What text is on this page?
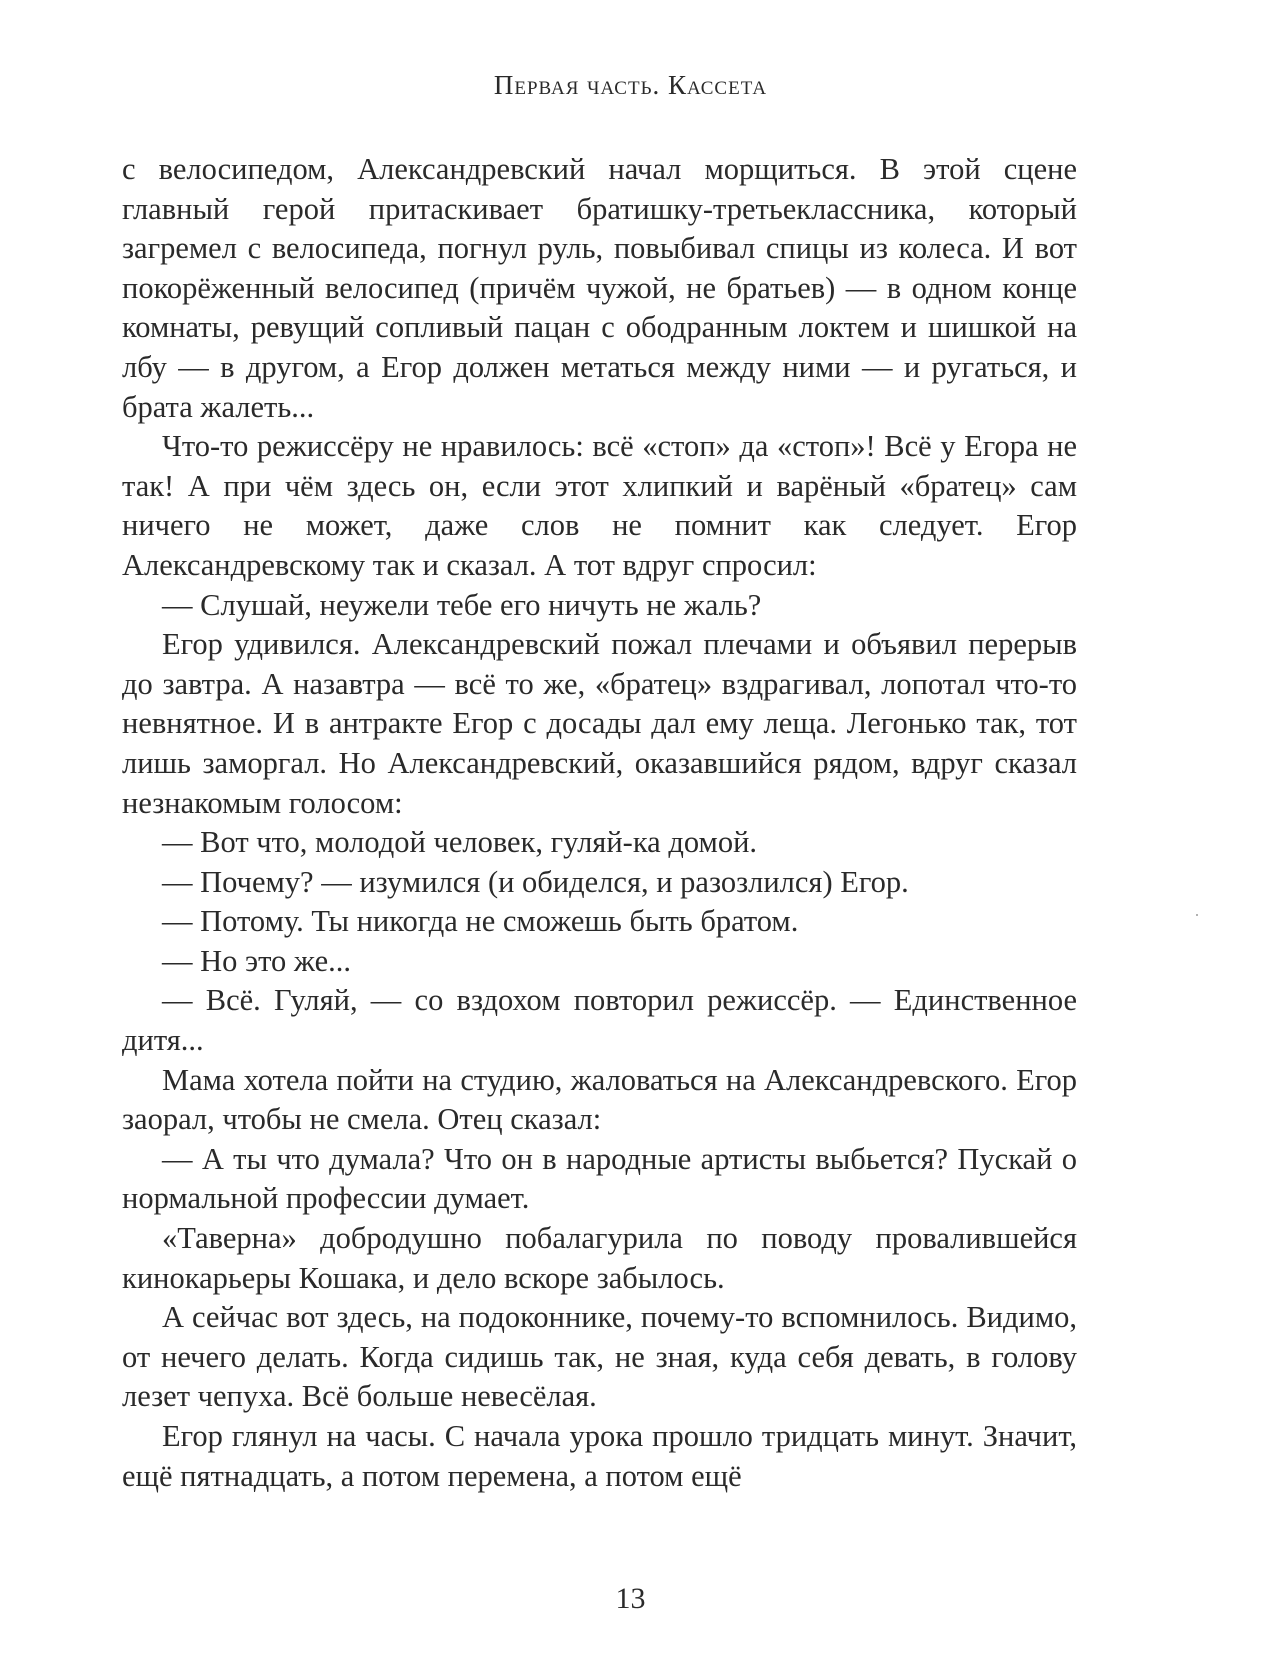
Первая часть. Кассета

с велосипедом, Александревский начал морщиться. В этой сцене главный герой притаскивает братишку-третьеклассника, который загремел с велосипеда, погнул руль, повыбивал спицы из колеса. И вот покорёженный велосипед (причём чужой, не братьев) — в одном конце комнаты, ревущий сопливый пацан с ободранным локтем и шишкой на лбу — в другом, а Егор должен метаться между ними — и ругаться, и брата жалеть...

Что-то режиссёру не нравилось: всё «стоп» да «стоп»! Всё у Егора не так! А при чём здесь он, если этот хлипкий и варёный «братец» сам ничего не может, даже слов не помнит как следует. Егор Александревскому так и сказал. А тот вдруг спросил:

— Слушай, неужели тебе его ничуть не жаль?

Егор удивился. Александревский пожал плечами и объявил перерыв до завтра. А назавтра — всё то же, «братец» вздрагивал, лопотал что-то невнятное. И в антракте Егор с досады дал ему леща. Легонько так, тот лишь заморгал. Но Александревский, оказавшийся рядом, вдруг сказал незнакомым голосом:

— Вот что, молодой человек, гуляй-ка домой.

— Почему? — изумился (и обиделся, и разозлился) Егор.

— Потому. Ты никогда не сможешь быть братом.

— Но это же...

— Всё. Гуляй, — со вздохом повторил режиссёр. — Единственное дитя...

Мама хотела пойти на студию, жаловаться на Александревского. Егор заорал, чтобы не смела. Отец сказал:

— А ты что думала? Что он в народные артисты выбьется? Пускай о нормальной профессии думает.

«Таверна» добродушно побалагурила по поводу провалившейся кинокарьеры Кошака, и дело вскоре забылось.

А сейчас вот здесь, на подоконнике, почему-то вспомнилось. Видимо, от нечего делать. Когда сидишь так, не зная, куда себя девать, в голову лезет чепуха. Всё больше невесёлая.

Егор глянул на часы. С начала урока прошло тридцать минут. Значит, ещё пятнадцать, а потом перемена, а потом ещё

13
